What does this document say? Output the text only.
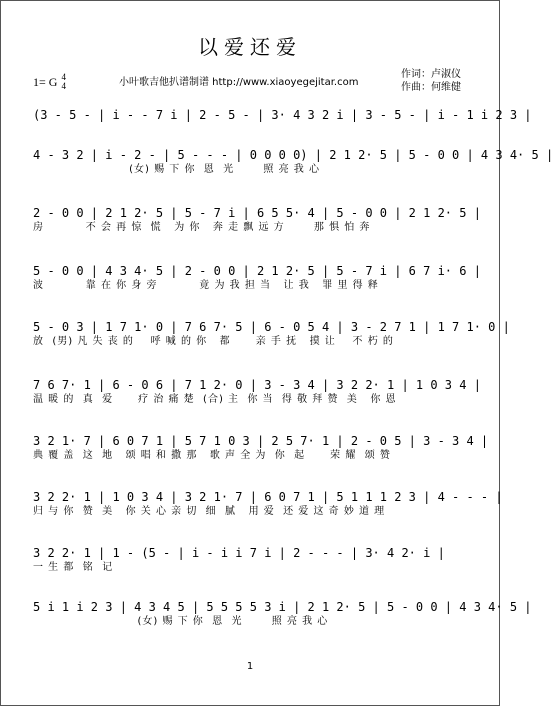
以爱还爱
1= G 4
4	小叶歌吉他扒谱制谱 http://www.xiaoyegejitar.com
作词：卢淑仪
作曲：何维健
(3 - 5 - | i - - 7 i | 2 - 5 - | 3· 4 3 2 i | 3 - 5 - | i - 1 i 2 3 |
4 - 3 2 | i - 2 - | 5 - - - | 0 0 0 0) | 2 1 2· 5 | 5 - 0 0 | 4 3 4· 5 |
(女) 赐 下 你  恩  光       照 亮 我 心
2 - 0 0 | 2 1 2· 5 | 5 - 7 i | 6 5 5· 4 | 5 - 0 0 | 2 1 2· 5 |
房          不 会 再 惊  慌   为 你   奔 走 飘 远 方       那 惧 怕 奔
5 - 0 0 | 4 3 4· 5 | 2 - 0 0 | 2 1 2· 5 | 5 - 7 i | 6 7 i· 6 |
波          靠 在 你 身 旁          竟 为 我 担 当   让 我   罪 里 得 释
5 - 0 3 | 1 7 1· 0 | 7 6 7· 5 | 6 - 0 5 4 | 3 - 2 7 1 | 1 7 1· 0 |
放  (男) 凡 失 丧 的    呼 喊 的 你   都      亲 手 抚   摸 让    不 朽 的
7 6 7· 1 | 6 - 0 6 | 7 1 2· 0 | 3 - 3 4 | 3 2 2· 1 | 1 0 3 4 |
温 暖 的  真  爱      疗 治 痛 楚  (合) 主  你 当  得 敬 拜 赞  美   你 恩
3 2 1· 7 | 6 0 7 1 | 5 7 1 0 3 | 2 5 7· 1 | 2 - 0 5 | 3 - 3 4 |
典 覆 盖  这  地   颂 唱 和 撒 那   歌 声 全 为  你  起      荣 耀  颂 赞
3 2 2· 1 | 1 0 3 4 | 3 2 1· 7 | 6 0 7 1 | 5 1 1 1 2 3 | 4 - - - |
归 与 你  赞  美   你 关 心 亲 切  细  腻   用 爱  还 爱 这 奇 妙 道 理
3 2 2· 1 | 1 - (5 - | i - i i 7 i | 2 - - - | 3· 4 2· i |
一 生 都  铭  记
5 i 1 i 2 3 | 4 3 4 5 | 5 5 5 5 3 i | 2 1 2· 5 | 5 - 0 0 | 4 3 4· 5 |
(女) 赐 下 你  恩  光       照 亮 我 心
1
